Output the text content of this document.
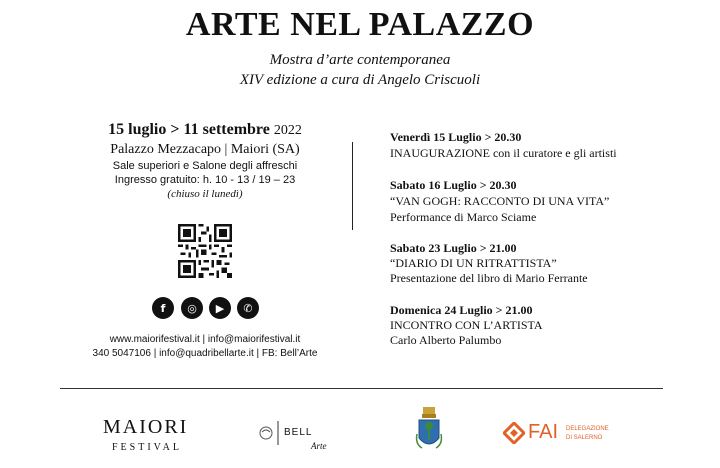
ARTE NEL PALAZZO
Mostra d’arte contemporanea
XIV edizione a cura di Angelo Criscuoli
15 luglio > 11 settembre 2022
Palazzo Mezzacapo | Maiori (SA)
Sale superiori e Salone degli affreschi
Ingresso gratuito: h. 10 - 13 / 19 – 23
(chiuso il lunedì)
f	◎	▶	✆
www.maiorifestival.it | info@maiorifestival.it
340 5047106 | info@quadribellarte.it | FB: Bell’Arte
Venerdì 15 Luglio > 20.30
INAUGURAZIONE con il curatore e gli artisti
Sabato 16 Luglio > 20.30
“VAN GOGH: RACCONTO DI UNA VITA”
Performance di Marco Sciame
Sabato 23 Luglio > 21.00
“DIARIO DI UN RITRATTISTA”
Presentazione del libro di Mario Ferrante
Domenica 24 Luglio > 21.00
INCONTRO CON L’ARTISTA
Carlo Alberto Palumbo
MAIORI
FESTIVAL
BELL
Arte
FAI DELEGAZIONE
DI SALERNO
